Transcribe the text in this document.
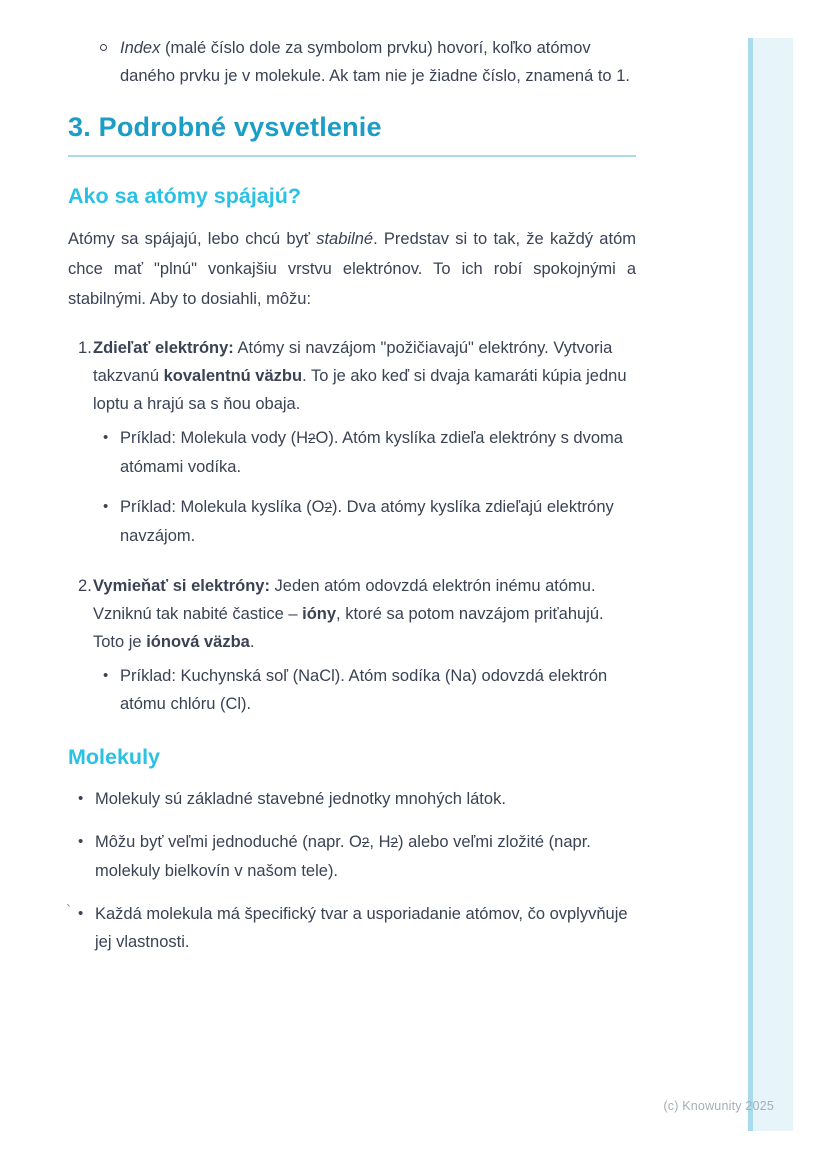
Index (malé číslo dole za symbolom prvku) hovorí, koľko atómov daného prvku je v molekule. Ak tam nie je žiadne číslo, znamená to 1.
3. Podrobné vysvetlenie
Ako sa atómy spájajú?

Atómy sa spájajú, lebo chcú byť stabilné. Predstav si to tak, že každý atóm chce mať "plnú" vonkajšiu vrstvu elektrónov. To ich robí spokojnými a stabilnými. Aby to dosiahli, môžu:

Zdieľať elektróny: Atómy si navzájom "požičiavajú" elektróny. Vytvoria takzvanú kovalentnú väzbu. To je ako keď si dvaja kamaráti kúpia jednu loptu a hrajú sa s ňou obaja.
• Príklad: Molekula vody (H2O). Atóm kyslíka zdieľa elektróny s dvoma atómami vodíka.
• Príklad: Molekula kyslíka (O2). Dva atómy kyslíka zdieľajú elektróny navzájom.
Vymieňať si elektróny: Jeden atóm odovzdá elektrón inému atómu. Vzniknú tak nabité častice – ióny, ktoré sa potom navzájom priťahujú. Toto je iónová väzba.
• Príklad: Kuchynská soľ (NaCl). Atóm sodíka (Na) odovzdá elektrón atómu chlóru (Cl).
Molekuly
• Molekuly sú základné stavebné jednotky mnohých látok.
• Môžu byť veľmi jednoduché (napr. O2, H2) alebo veľmi zložité (napr. molekuly bielkovín v našom tele).
• Každá molekula má špecifický tvar a usporiadanie atómov, čo ovplyvňuje jej vlastnosti.
`
(c) Knowunity 2025
